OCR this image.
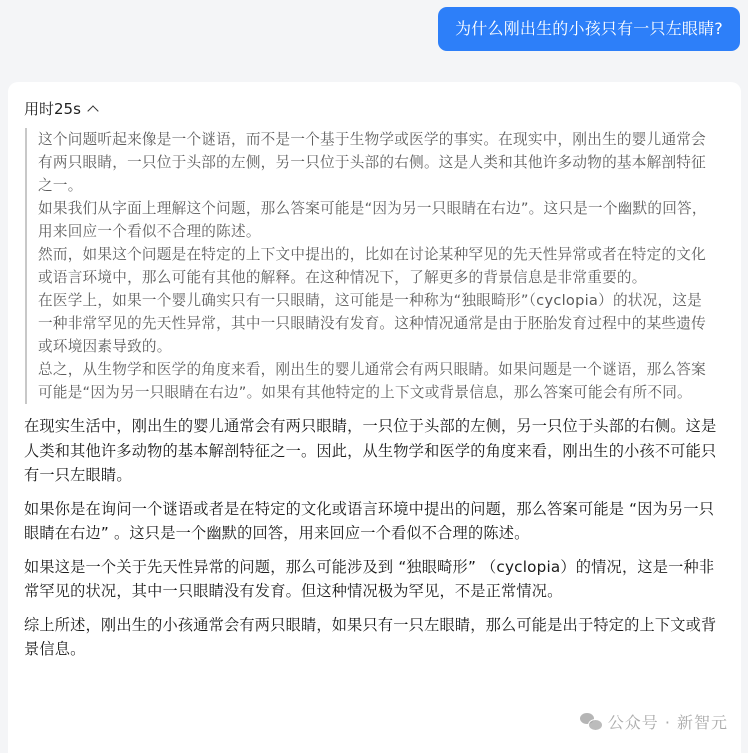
为什么刚出生的小孩只有一只左眼睛?
用时25s

这个问题听起来像是一个谜语，而不是一个基于生物学或医学的事实。在现实中，刚出生的婴儿通常会有两只眼睛，一只位于头部的左侧，另一只位于头部的右侧。这是人类和其他许多动物的基本解剖特征之一。

如果我们从字面上理解这个问题，那么答案可能是“因为另一只眼睛在右边”。这只是一个幽默的回答，用来回应一个看似不合理的陈述。

然而，如果这个问题是在特定的上下文中提出的，比如在讨论某种罕见的先天性异常或者在特定的文化或语言环境中，那么可能有其他的解释。在这种情况下，了解更多的背景信息是非常重要的。

在医学上，如果一个婴儿确实只有一只眼睛，这可能是一种称为“独眼畸形”（cyclopia）的状况，这是一种非常罕见的先天性异常，其中一只眼睛没有发育。这种情况通常是由于胚胎发育过程中的某些遗传或环境因素导致的。

总之，从生物学和医学的角度来看，刚出生的婴儿通常会有两只眼睛。如果问题是一个谜语，那么答案可能是“因为另一只眼睛在右边”。如果有其他特定的上下文或背景信息，那么答案可能会有所不同。

在现实生活中，刚出生的婴儿通常会有两只眼睛，一只位于头部的左侧，另一只位于头部的右侧。这是人类和其他许多动物的基本解剖特征之一。因此，从生物学和医学的角度来看，刚出生的小孩不可能只有一只左眼睛。

如果你是在询问一个谜语或者是在特定的文化或语言环境中提出的问题，那么答案可能是 “因为另一只眼睛在右边” 。这只是一个幽默的回答，用来回应一个看似不合理的陈述。

如果这是一个关于先天性异常的问题，那么可能涉及到 “独眼畸形” （cyclopia）的情况，这是一种非常罕见的状况，其中一只眼睛没有发育。但这种情况极为罕见，不是正常情况。

综上所述，刚出生的小孩通常会有两只眼睛，如果只有一只左眼睛，那么可能是出于特定的上下文或背景信息。

公众号 · 新智元
